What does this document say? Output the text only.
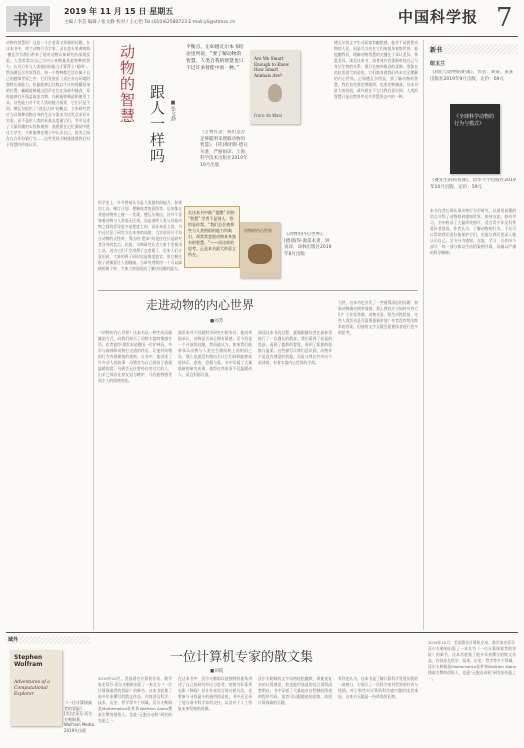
书评	2019 年 11 月 15 日 星期五
主编 / 李芸 编辑 / 张文静 校对 / 王心怡 Tel:(010)62580723 E-mail:yli@stimes.cn	中国科学报 7
动物有智慧吗？这是一个古老而又常新的问题。在这本书中，荷兰动物行为学家、灵长类专家弗朗斯·德瓦尔为我们带来了他对动物认知研究的深刻反思。人类常常以自己为中心来衡量其他物种的智力，认为只有与人类相似的能力才算得上“聪明”。然而德瓦尔告诉我们，每一个物种都生活在属于自己的感知世界之中，它们发展出了适应各自环境的独特认知能力。松鼠能够记住数以千计的埋藏坚果的位置，蝙蝠能够通过回声定位在黑暗中捕食，章鱼能够打开瓶盖取出食物，乌鸦能够制造和使用工具。这些能力并不比人类的能力低等，它们只是不同。德瓦尔提出了“进化认知”的概念，主张研究者应当以每种动物自身的生态与需求为出发点来设计实验，而不是用人类的标准去度量它们。书中记述了大量有趣的实验和观察：黑猩猩在记忆测试中胜过大学生，大象能够在镜子中认出自己，鱼类之间存在合作狩猎行为……这些发现不断挑战着我们对于智慧的传统认识。
动物的智慧 跟人一样吗 ■张文静
科学史上，许多曾被认为是人类独有的能力，如使用工具、制订计划、理解他者的意图等，后来都在其他动物身上被一一发现。德瓦尔指出，这并不意味着动物与人类毫无区别，而是说明人类与其他动物之间的差异更多是程度上的，而非本质上的。书中还讨论了研究方法本身的局限：当实验设计不符合动物的天性时，得出的“愚笨”结论往往只是研究者自身的盲点。比如，早期研究认为大象不会使用工具，因为它们不会用鼻子去拿棍子，后来人们才意识到，大象的鼻子同时也是嗅觉器官，用它握住棍子就像蒙住人的眼睛。当研究者换用一个可以踩踏的箱子时，大象立即展现出了解决问题的能力。
平衡点、正如德瓦尔本书结论里所说，“要了解动物的智慧，人类自我的智慧也只不过许多智能中的一种。”
Are We Smart Enough to Know How Smart Animals Are?
Frans de Waal
《万物有灵：我们是否足够聪明来理解动物的智慧》，[荷]弗朗斯·德瓦尔著，严丽娟译，上海科学技术出版社2019年10月出版
在这本书中被 “提醒” 到的 “智慧” 学者不是别人，恰恰是你我。“我们总会被那些与人类相似的能力所吸引，却常常忽视动物本身独有的智慧。”——而这样的思考，正是本书最大的意义所在。
动物的内心世界
《动物的内心世界》，[德]彼得·渥雷本著，钟寅译，译林出版社2019年8月出版
德瓦尔的文字生动而富有幽默感，他并不试图把动物拟人化，而是尽力站在它们的视角观察世界。他提醒我们，理解动物智慧的关键在于承认差异、尊重差异。读完这本书，读者或许会重新审视自己与身边生物的关系：那只在窗外啄食的喜鹊、那条在鱼缸里游弋的金鱼，它们都有着我们尚未完全理解的内心世界。正如德瓦尔所说，要了解动物的智慧，我们首先要足够聪明，也要足够谦逊。这本书最大的价值，或许就在于它让我们意识到：人类的智慧只是自然界中众多智慧形态中的一种。
走进动物的内心世界
■刘芳
《动物的内心世界》这本书以一种生动而细腻的方式，向我们展示了动物丰富的情感生活。作者彼得·渥雷本是德国一位护林员，多年与森林和动物打交道的经历，让他对动物的行为有着敏锐的观察。在书中，他讲述了许多动人的故事：母猪会为自己的孩子搭建温暖的窝，乌鸦会记住曾经伤害过它的人，山羊之间存在着友谊与嫉妒，马匹能够感受到主人的情绪变化。
渥雷本并不回避科学研究中的争议，他坦率地承认，动物是否真正拥有情感，至今仍是一个开放的问题。然而他认为，如果我们能够承认动物与人类在生理结构上的相似之处，那么也就没有理由否认它们同样能够体验快乐、悲伤、恐惧与爱。书中穿插了大量最新的研究成果，使得这些故事不仅温暖动人，而且有据可查。
阅读这本书的过程，就像跟随作者在森林里进行了一次漫长的散步。我们看到了松鼠的焦虑，看到了鹿群的警觉，看到了狐狸的狡黠与温柔。这些描写让我们意识到，动物并不是没有感觉的机器，而是与我们共享这个星球的、有着丰富内心世界的生命。
当然，这本书也引发了一些值得深思的问题：如果动物确实拥有情感，那么我们应当如何对待它们？工业化养殖、动物实验、野生动物贸易，这些人类活动是否需要重新审视？作者没有给出简单的答案，但他的文字无疑会促使读者进行更多的思考。
新书
纽玉兰
《我们与动物的距离》，作者：刘某，某某出版社2019年9月出版，定价：69元
《全球科学动物的行为与模式》
《赛先生的科普课》，清华大学出版社2019年10月出版，定价：59元
本书作者长期从事动物行为学研究，以通俗易懂的语言介绍了动物如何感知世界、如何交流、如何学习。书中收录了大量珍贵照片，适合青少年及科普爱好者阅读。作者认为，了解动物的行为，不仅可以帮助我们更好地保护它们，也能让我们更深入地认识自己。全书分为感知、交流、学习、合作四个部分，每一部分都以生动的案例开篇，再辅以严谨的科学解释。
域外
Stephen Wolfram
Adventures of a Computational Explorer
《一位计算探索者的冒险》，[美]史蒂芬·沃尔夫勒姆著，Wolfram Media 2019年出版
一位计算机专家的散文集
■刘霞
2019年10月，美国著名计算机专家、数学家史蒂芬·沃尔夫勒姆出版了一本名为《一位计算探索者的冒险》的新书。这本书收集了他多年来撰写的散文作品，内容涉及科学、技术、历史、哲学等多个领域。沃尔夫勒姆是Mathematica软件和Wolfram Alpha搜索引擎的创始人，也是“元胞自动机”研究的先驱之一。
在这本书中，沃尔夫勒姆以他独特的视角讲述了自己的研究经历与思考。他曾为好莱坞电影《降临》设计外星语言的分析方法，也曾参与寻找最小的通用图灵机。书中还记录了他与诸多科学家的交往，以及对于人工智能未来发展的预测。
沃尔夫勒姆的文字风格轻松幽默，即使是复杂的计算理论，他也能用浅显的语言讲得清楚明白。书中穿插了大量他亲自绘制的图表和程序代码，读者可以跟随他的思路，体验计算探索的乐趣。
有评论认为，这本书是了解计算科学发展历程的一扇窗口，它展示了一位科学家对世界的好奇与热情。对于那些对计算机科学感兴趣的读者来说，这本书无疑是一份珍贵的礼物。
2019年10月，美国著名计算机专家、数学家史蒂芬·沃尔夫勒姆出版了一本名为《一位计算探索者的冒险》的新书。这本书收集了他多年来撰写的散文作品，内容涉及科学、技术、历史、哲学等多个领域。沃尔夫勒姆是Mathematica软件和Wolfram Alpha搜索引擎的创始人，也是“元胞自动机”研究的先驱之一。
